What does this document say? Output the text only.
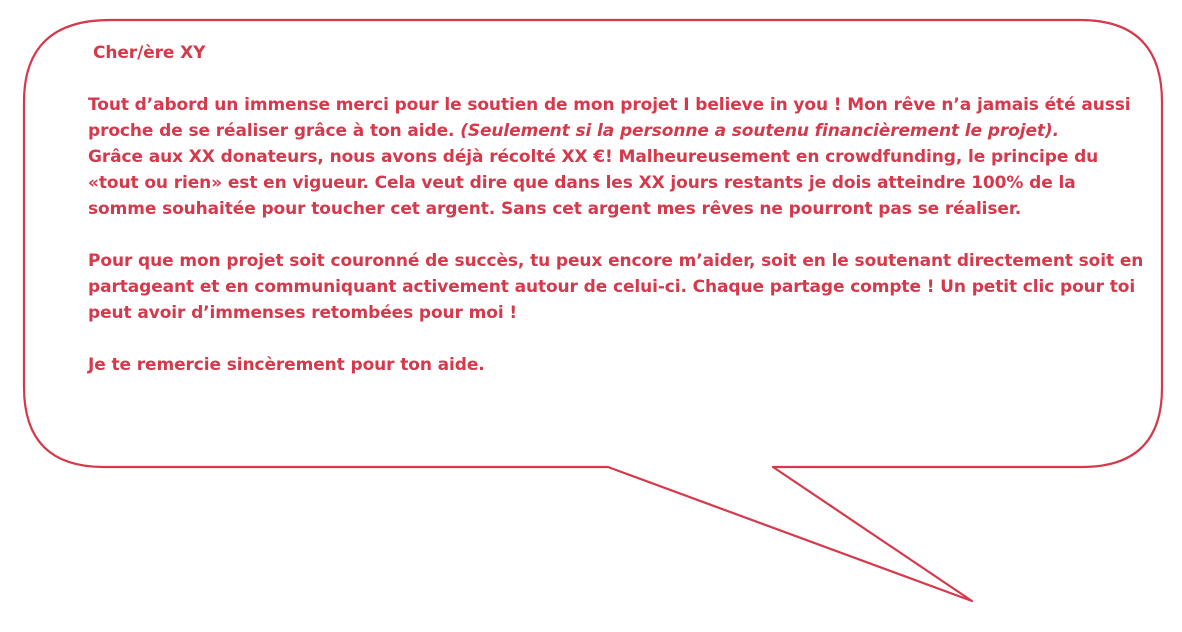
Cher/ère XY

Tout d’abord un immense merci pour le soutien de mon projet I believe in you ! Mon rêve n’a jamais été aussi proche de se réaliser grâce à ton aide. (Seulement si la personne a soutenu financièrement le projet).

Grâce aux XX donateurs, nous avons déjà récolté XX €! Malheureusement en crowdfunding, le principe du «tout ou rien» est en vigueur. Cela veut dire que dans les XX jours restants je dois atteindre 100% de la somme souhaitée pour toucher cet argent. Sans cet argent mes rêves ne pourront pas se réaliser.

Pour que mon projet soit couronné de succès, tu peux encore m’aider, soit en le soutenant directement soit en partageant et en communiquant activement autour de celui-ci. Chaque partage compte ! Un petit clic pour toi peut avoir d’immenses retombées pour moi !

Je te remercie sincèrement pour ton aide.
